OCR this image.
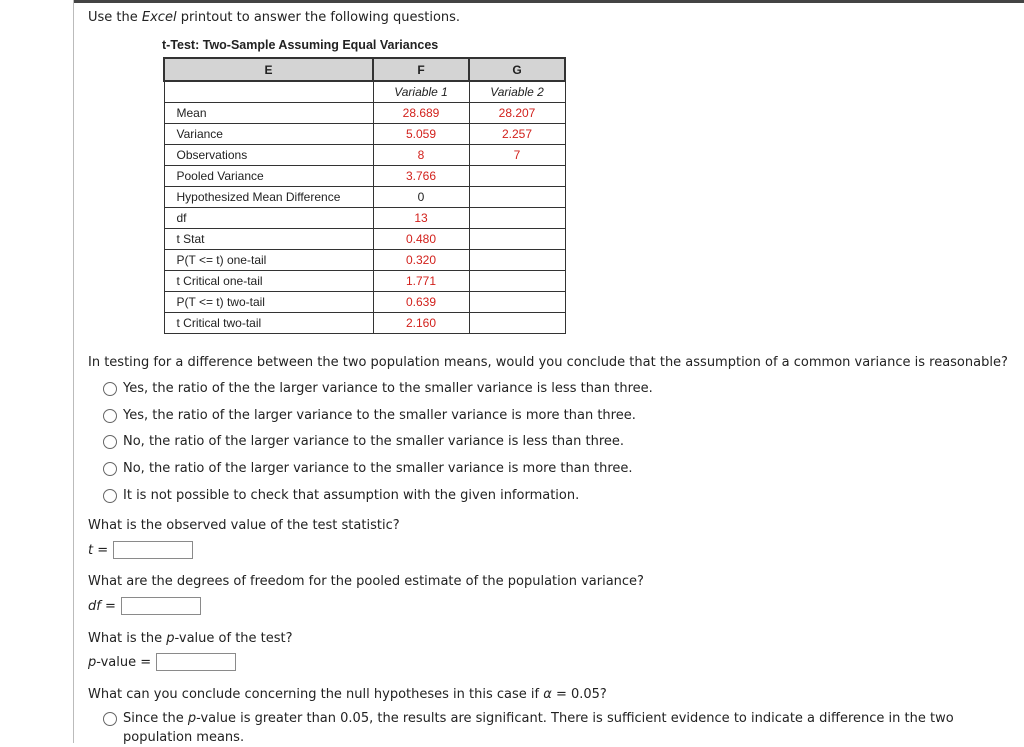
Use the Excel printout to answer the following questions.
t-Test: Two-Sample Assuming Equal Variances
E	F	G
	Variable 1	Variable 2
Mean	28.689	28.207
Variance	5.059	2.257
Observations	8	7
Pooled Variance	3.766	
Hypothesized Mean Difference	0	
df	13	
t Stat	0.480	
P(T <= t) one-tail	0.320	
t Critical one-tail	1.771	
P(T <= t) two-tail	0.639	
t Critical two-tail	2.160	
In testing for a difference between the two population means, would you conclude that the assumption of a common variance is reasonable?
Yes, the ratio of the the larger variance to the smaller variance is less than three.
Yes, the ratio of the larger variance to the smaller variance is more than three.
No, the ratio of the larger variance to the smaller variance is less than three.
No, the ratio of the larger variance to the smaller variance is more than three.
It is not possible to check that assumption with the given information.
What is the observed value of the test statistic?
t
=
What are the degrees of freedom for the pooled estimate of the population variance?
df
=
What is the p-value of the test?
p -value
=
What can you conclude concerning the null hypotheses in this case if α = 0.05?
Since the p-value is greater than 0.05, the results are significant. There is sufficient evidence to indicate a difference in the two population means.
